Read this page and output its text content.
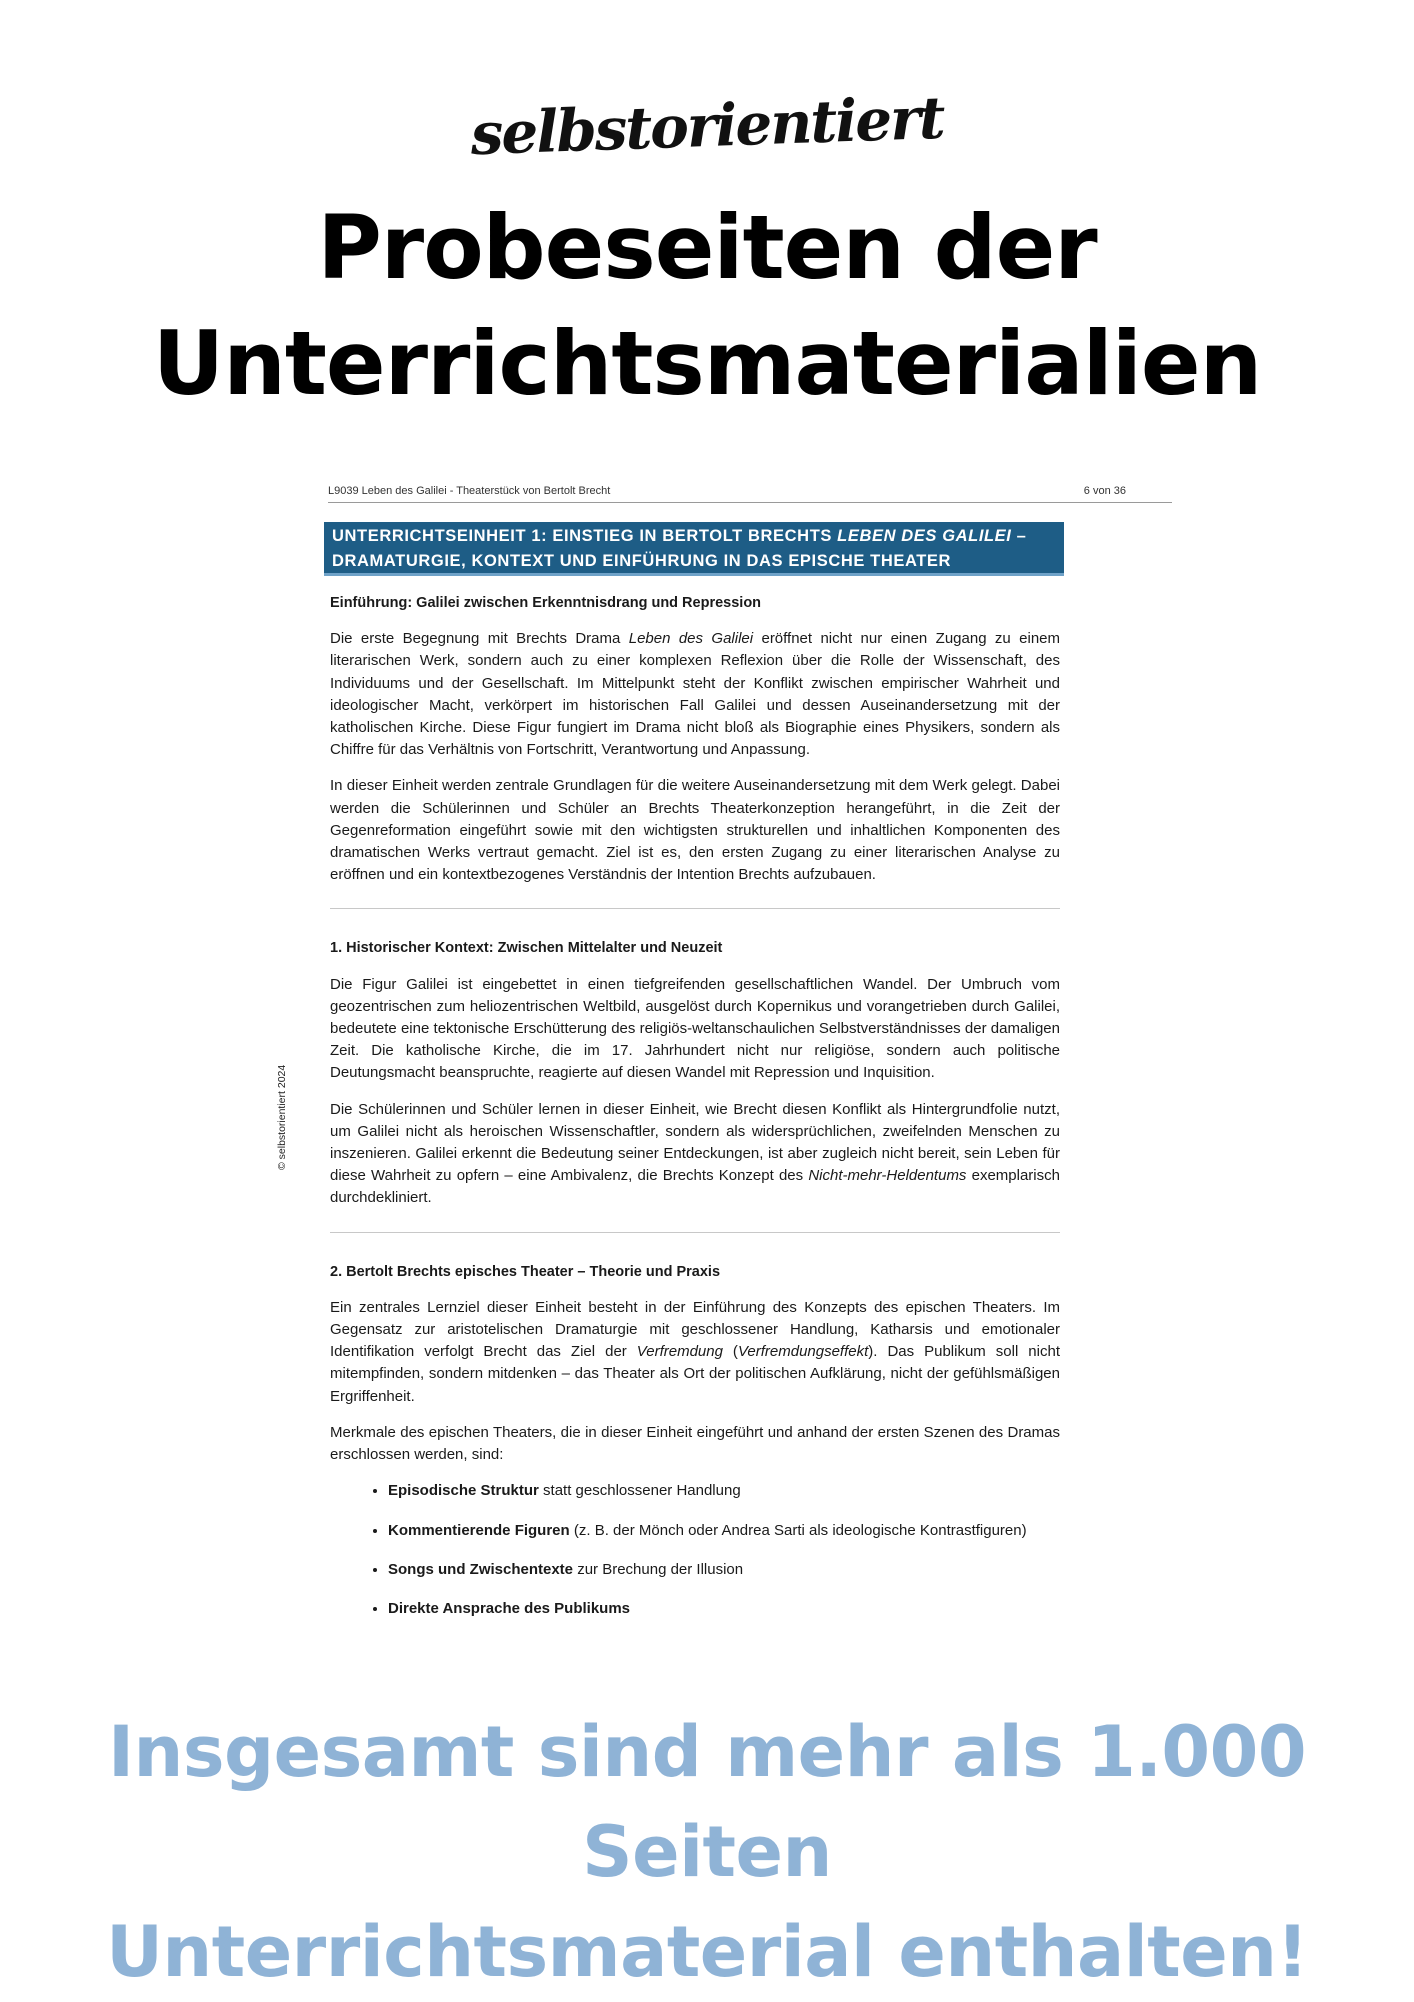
selbstorientiert
Probeseiten der
Unterrichtsmaterialien
© selbstorientiert 2024
L9039 Leben des Galilei - Theaterstück von Bertolt Brecht	6 von 36
UNTERRICHTSEINHEIT 1: EINSTIEG IN BERTOLT BRECHTS LEBEN DES GALILEI –
DRAMATURGIE, KONTEXT UND EINFÜHRUNG IN DAS EPISCHE THEATER
Einführung: Galilei zwischen Erkenntnisdrang und Repression

Die erste Begegnung mit Brechts Drama Leben des Galilei eröffnet nicht nur einen Zugang zu einem literarischen Werk, sondern auch zu einer komplexen Reflexion über die Rolle der Wissenschaft, des Individuums und der Gesellschaft. Im Mittelpunkt steht der Konflikt zwischen empirischer Wahrheit und ideologischer Macht, verkörpert im historischen Fall Galilei und dessen Auseinandersetzung mit der katholischen Kirche. Diese Figur fungiert im Drama nicht bloß als Biographie eines Physikers, sondern als Chiffre für das Verhältnis von Fortschritt, Verantwortung und Anpassung.

In dieser Einheit werden zentrale Grundlagen für die weitere Auseinandersetzung mit dem Werk gelegt. Dabei werden die Schülerinnen und Schüler an Brechts Theaterkonzeption herangeführt, in die Zeit der Gegenreformation eingeführt sowie mit den wichtigsten strukturellen und inhaltlichen Komponenten des dramatischen Werks vertraut gemacht. Ziel ist es, den ersten Zugang zu einer literarischen Analyse zu eröffnen und ein kontextbezogenes Verständnis der Intention Brechts aufzubauen.

1. Historischer Kontext: Zwischen Mittelalter und Neuzeit

Die Figur Galilei ist eingebettet in einen tiefgreifenden gesellschaftlichen Wandel. Der Umbruch vom geozentrischen zum heliozentrischen Weltbild, ausgelöst durch Kopernikus und vorangetrieben durch Galilei, bedeutete eine tektonische Erschütterung des religiös-weltanschaulichen Selbstverständnisses der damaligen Zeit. Die katholische Kirche, die im 17. Jahrhundert nicht nur religiöse, sondern auch politische Deutungsmacht beanspruchte, reagierte auf diesen Wandel mit Repression und Inquisition.

Die Schülerinnen und Schüler lernen in dieser Einheit, wie Brecht diesen Konflikt als Hintergrundfolie nutzt, um Galilei nicht als heroischen Wissenschaftler, sondern als widersprüchlichen, zweifelnden Menschen zu inszenieren. Galilei erkennt die Bedeutung seiner Entdeckungen, ist aber zugleich nicht bereit, sein Leben für diese Wahrheit zu opfern – eine Ambivalenz, die Brechts Konzept des Nicht-mehr-Heldentums exemplarisch durchdekliniert.

2. Bertolt Brechts episches Theater – Theorie und Praxis

Ein zentrales Lernziel dieser Einheit besteht in der Einführung des Konzepts des epischen Theaters. Im Gegensatz zur aristotelischen Dramaturgie mit geschlossener Handlung, Katharsis und emotionaler Identifikation verfolgt Brecht das Ziel der Verfremdung (Verfremdungseffekt). Das Publikum soll nicht mitempfinden, sondern mitdenken – das Theater als Ort der politischen Aufklärung, nicht der gefühlsmäßigen Ergriffenheit.

Merkmale des epischen Theaters, die in dieser Einheit eingeführt und anhand der ersten Szenen des Dramas erschlossen werden, sind:

• Episodische Struktur statt geschlossener Handlung
• Kommentierende Figuren (z. B. der Mönch oder Andrea Sarti als ideologische Kontrastfiguren)
• Songs und Zwischentexte zur Brechung der Illusion
• Direkte Ansprache des Publikums
Insgesamt sind mehr als 1.000 Seiten
Unterrichtsmaterial enthalten!
